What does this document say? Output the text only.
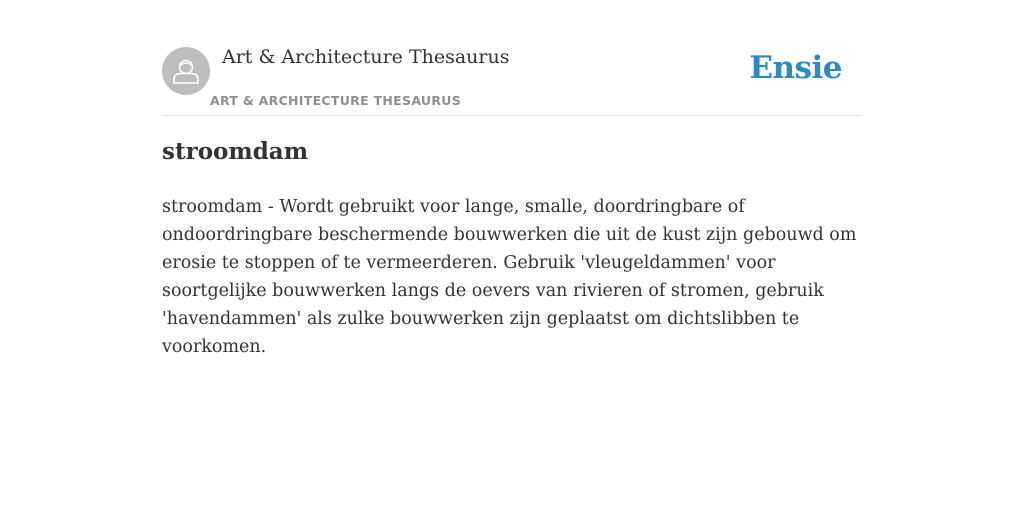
Art & Architecture Thesaurus
ART & ARCHITECTURE THESAURUS
Ensie
stroomdam

stroomdam - Wordt gebruikt voor lange, smalle, doordringbare of ondoordringbare beschermende bouwwerken die uit de kust zijn gebouwd om erosie te stoppen of te vermeerderen. Gebruik 'vleugeldammen' voor soortgelijke bouwwerken langs de oevers van rivieren of stromen, gebruik 'havendammen' als zulke bouwwerken zijn geplaatst om dichtslibben te voorkomen.
